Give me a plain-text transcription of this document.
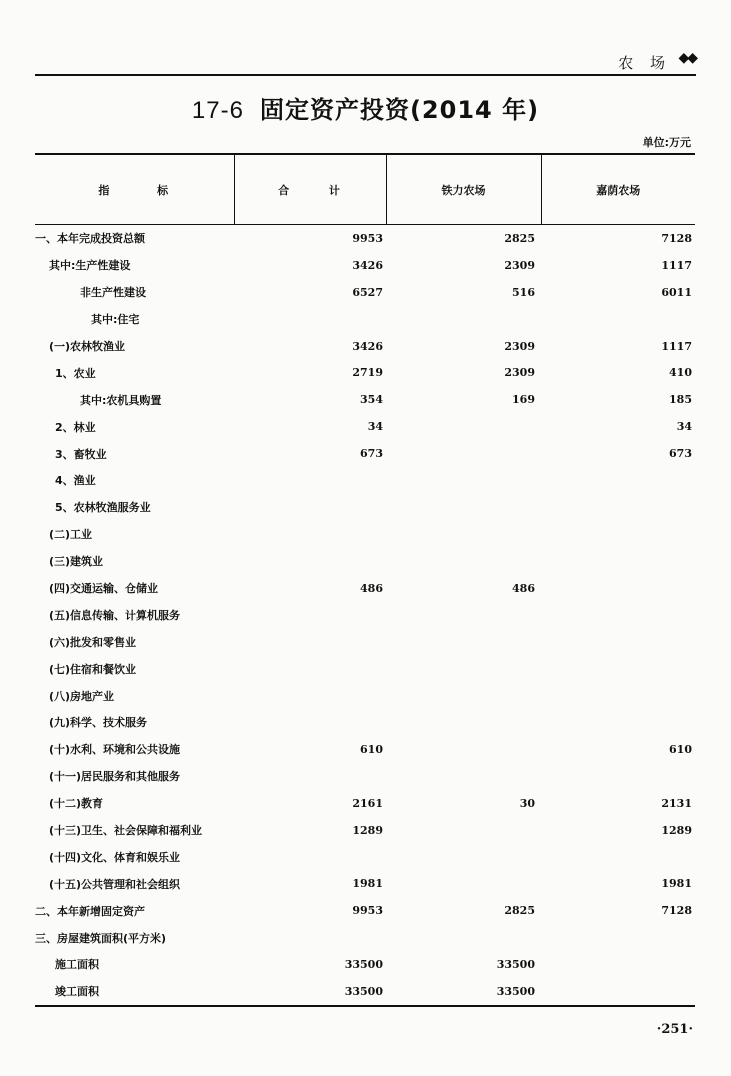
农 场 ◆◆
17-6 固定资产投资(2014 年)
单位:万元
指 标	合 计	铁力农场	嘉荫农场
一、本年完成投资总额	9953	2825	7128
其中:生产性建设	3426	2309	1117
非生产性建设	6527	516	6011
其中:住宅			
(一)农林牧渔业	3426	2309	1117
1、农业	2719	2309	410
其中:农机具购置	354	169	185
2、林业	34		34
3、畜牧业	673		673
4、渔业			
5、农林牧渔服务业			
(二)工业			
(三)建筑业			
(四)交通运输、仓储业	486	486	
(五)信息传输、计算机服务			
(六)批发和零售业			
(七)住宿和餐饮业			
(八)房地产业			
(九)科学、技术服务			
(十)水利、环境和公共设施	610		610
(十一)居民服务和其他服务			
(十二)教育	2161	30	2131
(十三)卫生、社会保障和福利业	1289		1289
(十四)文化、体育和娱乐业			
(十五)公共管理和社会组织	1981		1981
二、本年新增固定资产	9953	2825	7128
三、房屋建筑面积(平方米)			
施工面积	33500	33500	
竣工面积	33500	33500	
·251·
